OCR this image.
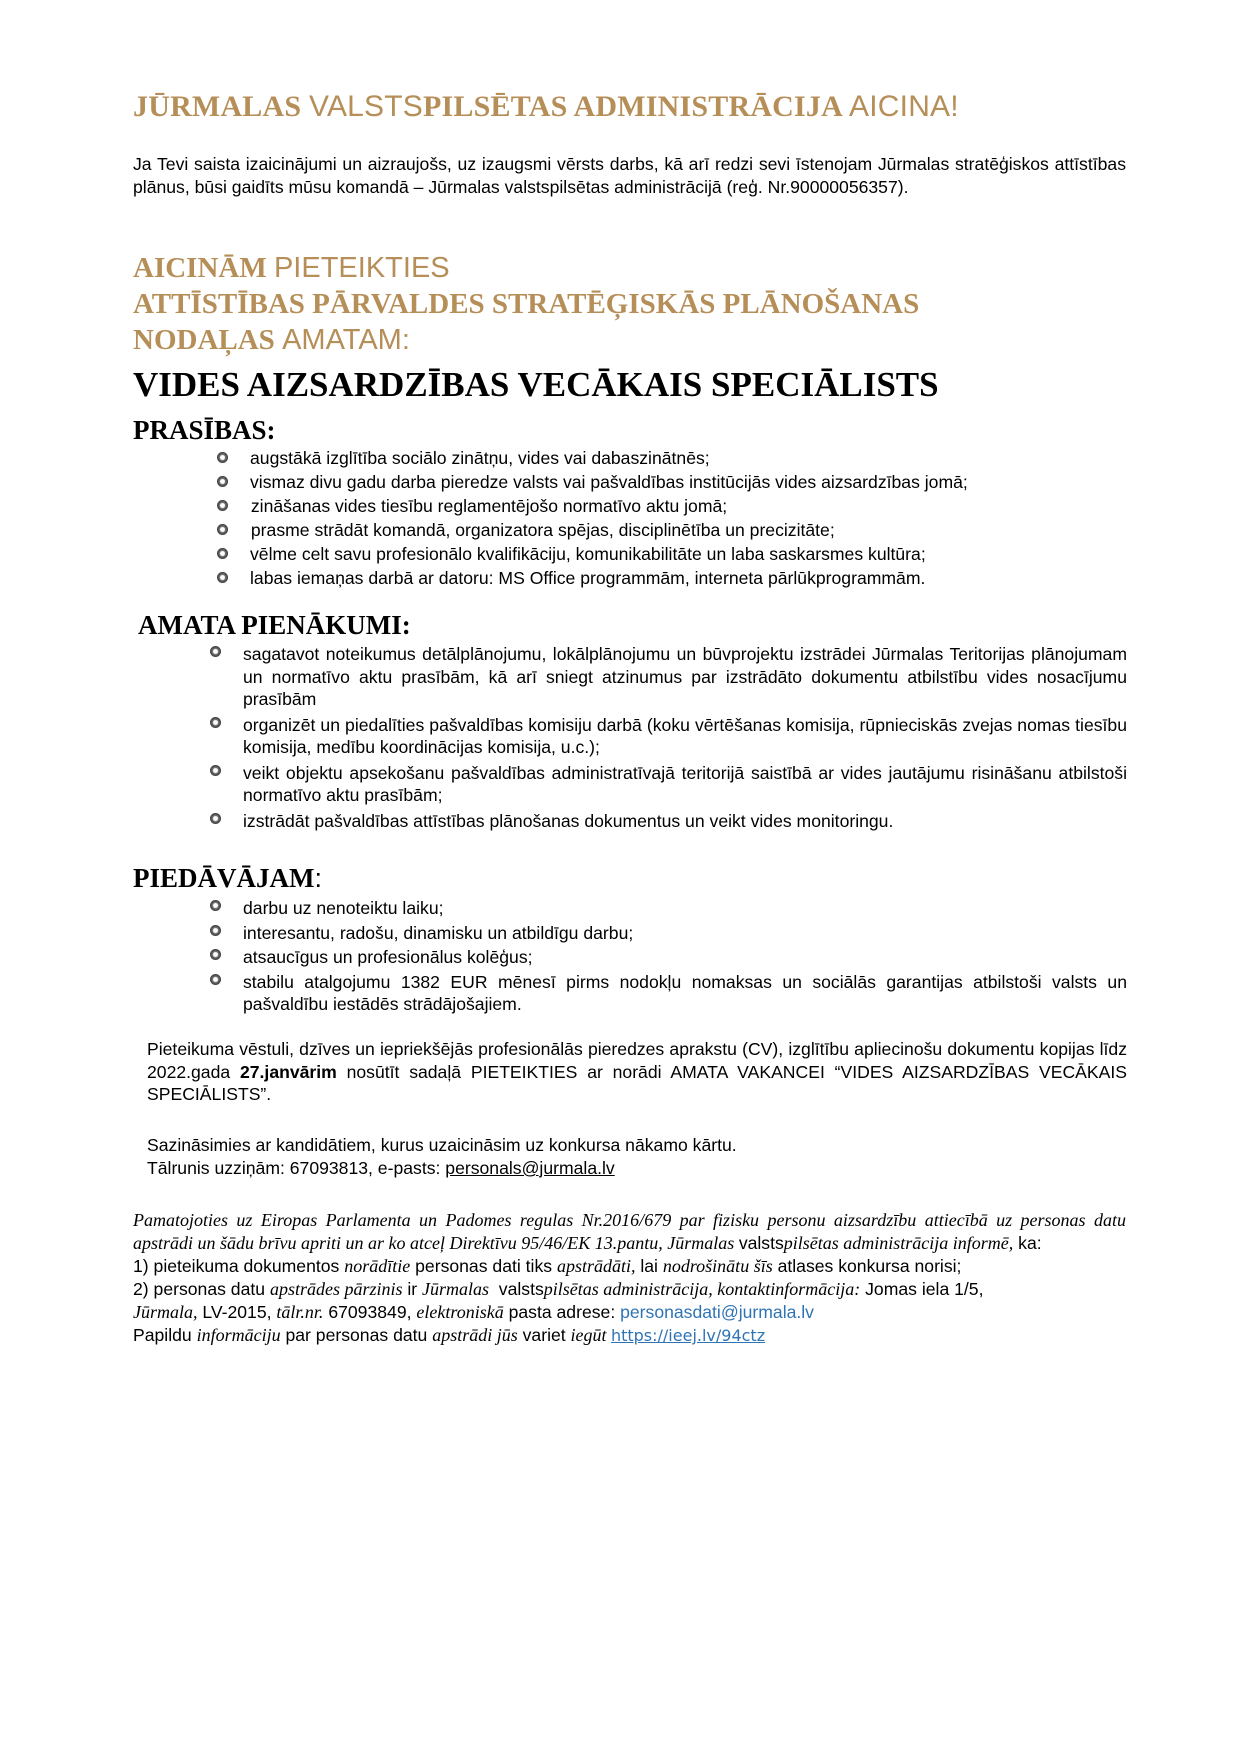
JŪRMALAS VALSTSPILSĒTAS ADMINISTRĀCIJA AICINA!
Ja Tevi saista izaicinājumi un aizraujošs, uz izaugsmi vērsts darbs, kā arī redzi sevi īstenojam Jūrmalas stratēģiskos attīstības plānus, būsi gaidīts mūsu komandā – Jūrmalas valstspilsētas administrācijā (reģ. Nr.90000056357).
AICINĀM PIETEIKTIES
ATTĪSTĪBAS PĀRVALDES STRATĒĢISKĀS PLĀNOŠANAS
NODAĻAS AMATAM:
VIDES AIZSARDZĪBAS VECĀKAIS SPECIĀLISTS
PRASĪBAS:
augstākā izglītība sociālo zinātņu, vides vai dabaszinātnēs;
vismaz divu gadu darba pieredze valsts vai pašvaldības institūcijās vides aizsardzības jomā;
zināšanas vides tiesību reglamentējošo normatīvo aktu jomā;
prasme strādāt komandā, organizatora spējas, disciplinētība un precizitāte;
vēlme celt savu profesionālo kvalifikāciju, komunikabilitāte un laba saskarsmes kultūra;
labas iemaņas darbā ar datoru: MS Office programmām, interneta pārlūkprogrammām.
AMATA PIENĀKUMI:
sagatavot noteikumus detālplānojumu, lokālplānojumu un būvprojektu izstrādei Jūrmalas Teritorijas plānojumam un normatīvo aktu prasībām, kā arī sniegt atzinumus par izstrādāto dokumentu atbilstību vides nosacījumu prasībām
organizēt un piedalīties pašvaldības komisiju darbā (koku vērtēšanas komisija, rūpnieciskās zvejas nomas tiesību komisija, medību koordinācijas komisija, u.c.);
veikt objektu apsekošanu pašvaldības administratīvajā teritorijā saistībā ar vides jautājumu risināšanu atbilstoši normatīvo aktu prasībām;
izstrādāt pašvaldības attīstības plānošanas dokumentus un veikt vides monitoringu.
PIEDĀVĀJAM:
darbu uz nenoteiktu laiku;
interesantu, radošu, dinamisku un atbildīgu darbu;
atsaucīgus un profesionālus kolēģus;
stabilu atalgojumu 1382 EUR mēnesī pirms nodokļu nomaksas un sociālās garantijas atbilstoši valsts un pašvaldību iestādēs strādājošajiem.
Pieteikuma vēstuli, dzīves un iepriekšējās profesionālās pieredzes aprakstu (CV), izglītību apliecinošu dokumentu kopijas līdz 2022.gada 27.janvārim nosūtīt sadaļā PIETEIKTIES ar norādi AMATA VAKANCEI “VIDES AIZSARDZĪBAS VECĀKAIS SPECIĀLISTS”.
Sazināsimies ar kandidātiem, kurus uzaicināsim uz konkursa nākamo kārtu.
Tālrunis uzziņām: 67093813, e-pasts: personals@jurmala.lv
Pamatojoties uz Eiropas Parlamenta un Padomes regulas Nr.2016/679 par fizisku personu aizsardzību attiecībā uz personas datu apstrādi un šādu brīvu apriti un ar ko atceļ Direktīvu 95/46/EK 13.pantu, Jūrmalas valstspilsētas administrācija informē, ka:
1) pieteikuma dokumentos norādītie personas dati tiks apstrādāti, lai nodrošinātu šīs atlases konkursa norisi;
2) personas datu apstrādes pārzinis ir Jūrmalas  valstspilsētas administrācija, kontaktinformācija: Jomas iela 1/5,
Jūrmala, LV-2015, tālr.nr. 67093849, elektroniskā pasta adrese: personasdati@jurmala.lv
Papildu informāciju par personas datu apstrādi jūs variet iegūt https://ieej.lv/94ctz
